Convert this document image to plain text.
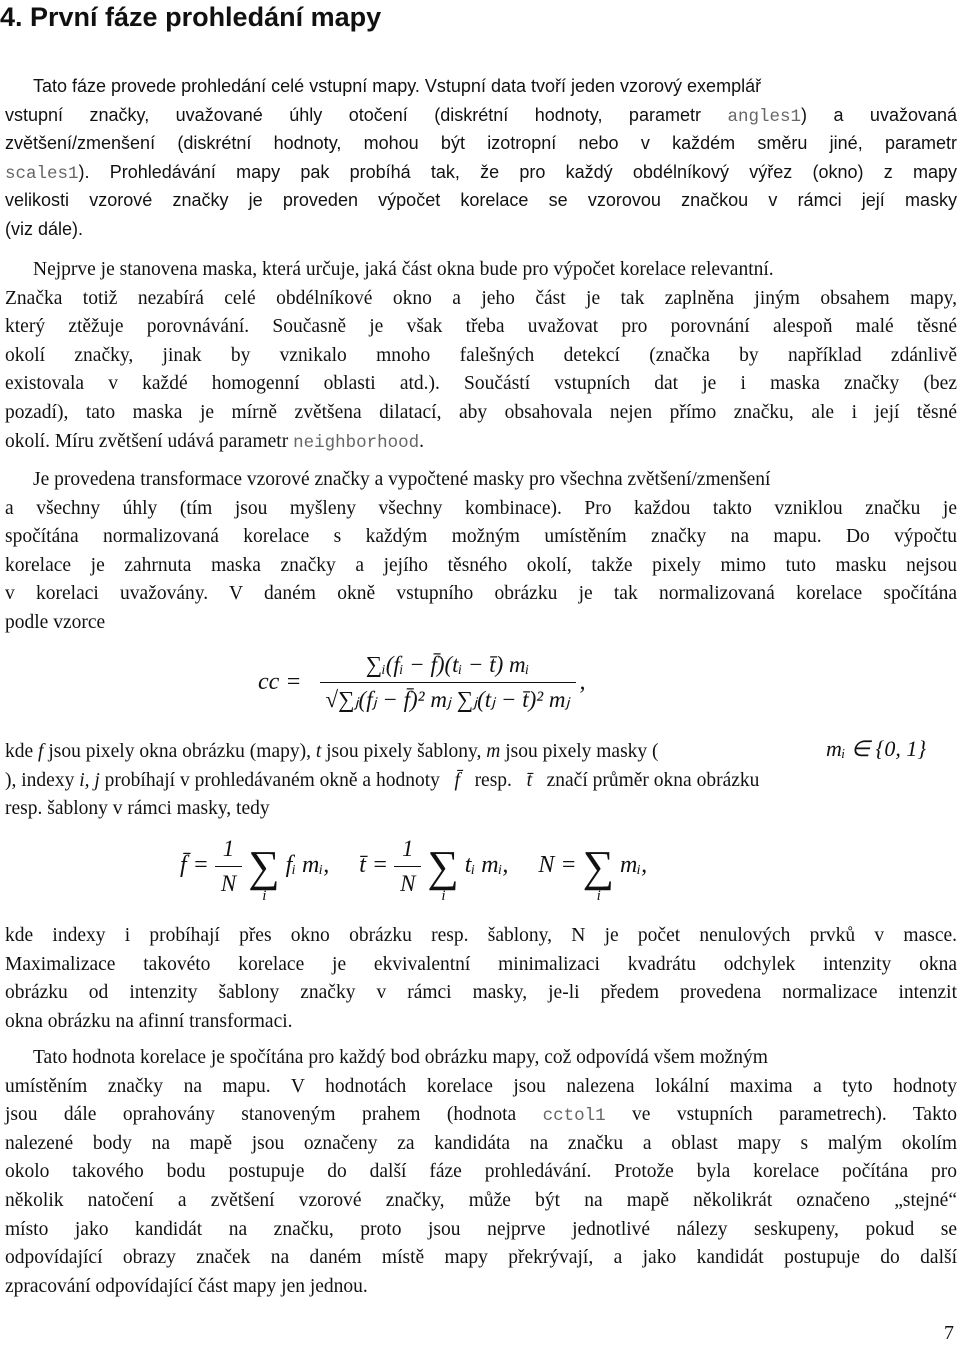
4. První fáze prohledání mapy
Tato fáze provede prohledání celé vstupní mapy. Vstupní data tvoří jeden vzorový exemplář
vstupní značky, uvažované úhly otočení (diskrétní hodnoty, parametr angles1) a uvažovaná
zvětšení/zmenšení (diskrétní hodnoty, mohou být izotropní nebo v každém směru jiné, parametr
scales1). Prohledávání mapy pak probíhá tak, že pro každý obdélníkový výřez (okno) z mapy
velikosti vzorové značky je proveden výpočet korelace se vzorovou značkou v rámci její masky
(viz dále).
Nejprve je stanovena maska, která určuje, jaká část okna bude pro výpočet korelace relevantní.
Značka totiž nezabírá celé obdélníkové okno a jeho část je tak zaplněna jiným obsahem mapy,
který ztěžuje porovnávání. Současně je však třeba uvažovat pro porovnání alespoň malé těsné
okolí značky, jinak by vznikalo mnoho falešných detekcí (značka by například zdánlivě
existovala v každé homogenní oblasti atd.). Součástí vstupních dat je i maska značky (bez
pozadí), tato maska je mírně zvětšena dilatací, aby obsahovala nejen přímo značku, ale i její těsné
okolí. Míru zvětšení udává parametr neighborhood.
Je provedena transformace vzorové značky a vypočtené masky pro všechna zvětšení/zmenšení
a všechny úhly (tím jsou myšleny všechny kombinace). Pro každou takto vzniklou značku je
spočítána normalizovaná korelace s každým možným umístěním značky na mapu. Do výpočtu
korelace je zahrnuta maska značky a jejího těsného okolí, takže pixely mimo tuto masku nejsou
v korelaci uvažovány. V daném okně vstupního obrázku je tak normalizovaná korelace spočítána
podle vzorce
cc = $\frac{\text{∑ᵢ(fᵢ − f̄)(tᵢ − t̄) mᵢ}}{\text{√∑ⱼ(fⱼ − f̄)² mⱼ ∑ⱼ(tⱼ − t̄)² mⱼ}}$ ,
kde f jsou pixely okna obrázku (mapy), t jsou pixely šablony, m jsou pixely masky (
), indexy i, j probíhají v prohledávaném okně a hodnoty f̄ resp. t̄ značí průměr okna obrázku
resp. šablony v rámci masky, tedy
mᵢ ∈ {0, 1}
f̄ = $\frac{1}{N}$ ∑
i
fᵢ mᵢ, t̄ = $\frac{1}{N}$ ∑
i
tᵢ mᵢ, N = ∑
i
mᵢ,
kde indexy i probíhají přes okno obrázku resp. šablony, N je počet nenulových prvků v masce.
Maximalizace takovéto korelace je ekvivalentní minimalizaci kvadrátu odchylek intenzity okna
obrázku od intenzity šablony značky v rámci masky, je-li předem provedena normalizace intenzit
okna obrázku na afinní transformaci.
Tato hodnota korelace je spočítána pro každý bod obrázku mapy, což odpovídá všem možným
umístěním značky na mapu. V hodnotách korelace jsou nalezena lokální maxima a tyto hodnoty
jsou dále oprahovány stanoveným prahem (hodnota cctol1 ve vstupních parametrech). Takto
nalezené body na mapě jsou označeny za kandidáta na značku a oblast mapy s malým okolím
okolo takového bodu postupuje do další fáze prohledávání. Protože byla korelace počítána pro
několik natočení a zvětšení vzorové značky, může být na mapě několikrát označeno „stejné“
místo jako kandidát na značku, proto jsou nejprve jednotlivé nálezy seskupeny, pokud se
odpovídající obrazy značek na daném místě mapy překrývají, a jako kandidát postupuje do další
zpracování odpovídající část mapy jen jednou.
7
